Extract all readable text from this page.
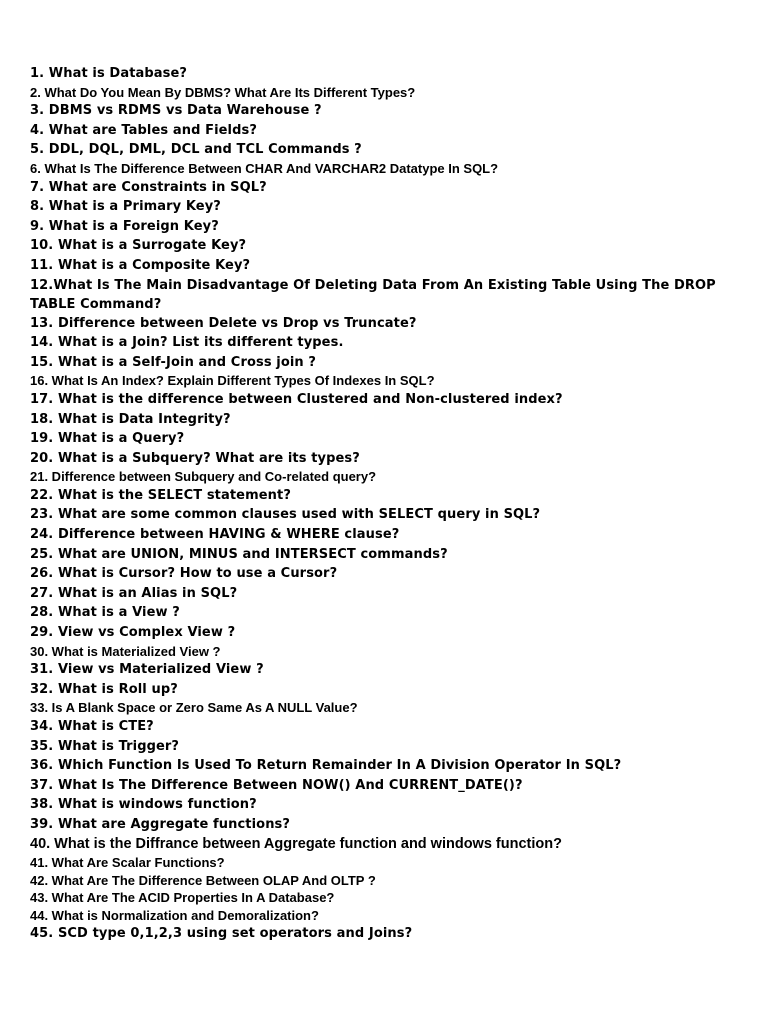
1. What is Database?

2. What Do You Mean By DBMS? What Are Its Different Types?

3. DBMS vs RDMS vs Data Warehouse ?

4. What are Tables and Fields?

5. DDL, DQL, DML, DCL and TCL Commands ?

6. What Is The Difference Between CHAR And VARCHAR2 Datatype In SQL?

7. What are Constraints in SQL?

8. What is a Primary Key?

9. What is a Foreign Key?

10. What is a Surrogate Key?

11. What is a Composite Key?

12.What Is The Main Disadvantage Of Deleting Data From An Existing Table Using The DROP TABLE Command?

13. Difference between Delete vs Drop vs Truncate?

14. What is a Join? List its different types.

15. What is a Self-Join and Cross join ?

16. What Is An Index? Explain Different Types Of Indexes In SQL?

17. What is the difference between Clustered and Non-clustered index?

18. What is Data Integrity?

19. What is a Query?

20. What is a Subquery? What are its types?

21. Difference between Subquery and Co-related query?

22. What is the SELECT statement?

23. What are some common clauses used with SELECT query in SQL?

24. Difference between HAVING & WHERE clause?

25. What are UNION, MINUS and INTERSECT commands?

26. What is Cursor? How to use a Cursor?

27. What is an Alias in SQL?

28. What is a View ?

29. View vs Complex View ?

30. What is Materialized View ?

31. View vs Materialized View ?

32. What is Roll up?

33. Is A Blank Space or Zero Same As A NULL Value?

34. What is CTE?

35. What is Trigger?

36. Which Function Is Used To Return Remainder In A Division Operator In SQL?

37. What Is The Difference Between NOW() And CURRENT_DATE()?

38. What is windows function?

39. What are Aggregate functions?

40. What is the Diffrance between Aggregate function and windows function?

41. What Are Scalar Functions?

42. What Are The Difference Between OLAP And OLTP ?

43. What Are The ACID Properties In A Database?

44. What is Normalization and Demoralization?

45. SCD type 0,1,2,3 using set operators and Joins?
